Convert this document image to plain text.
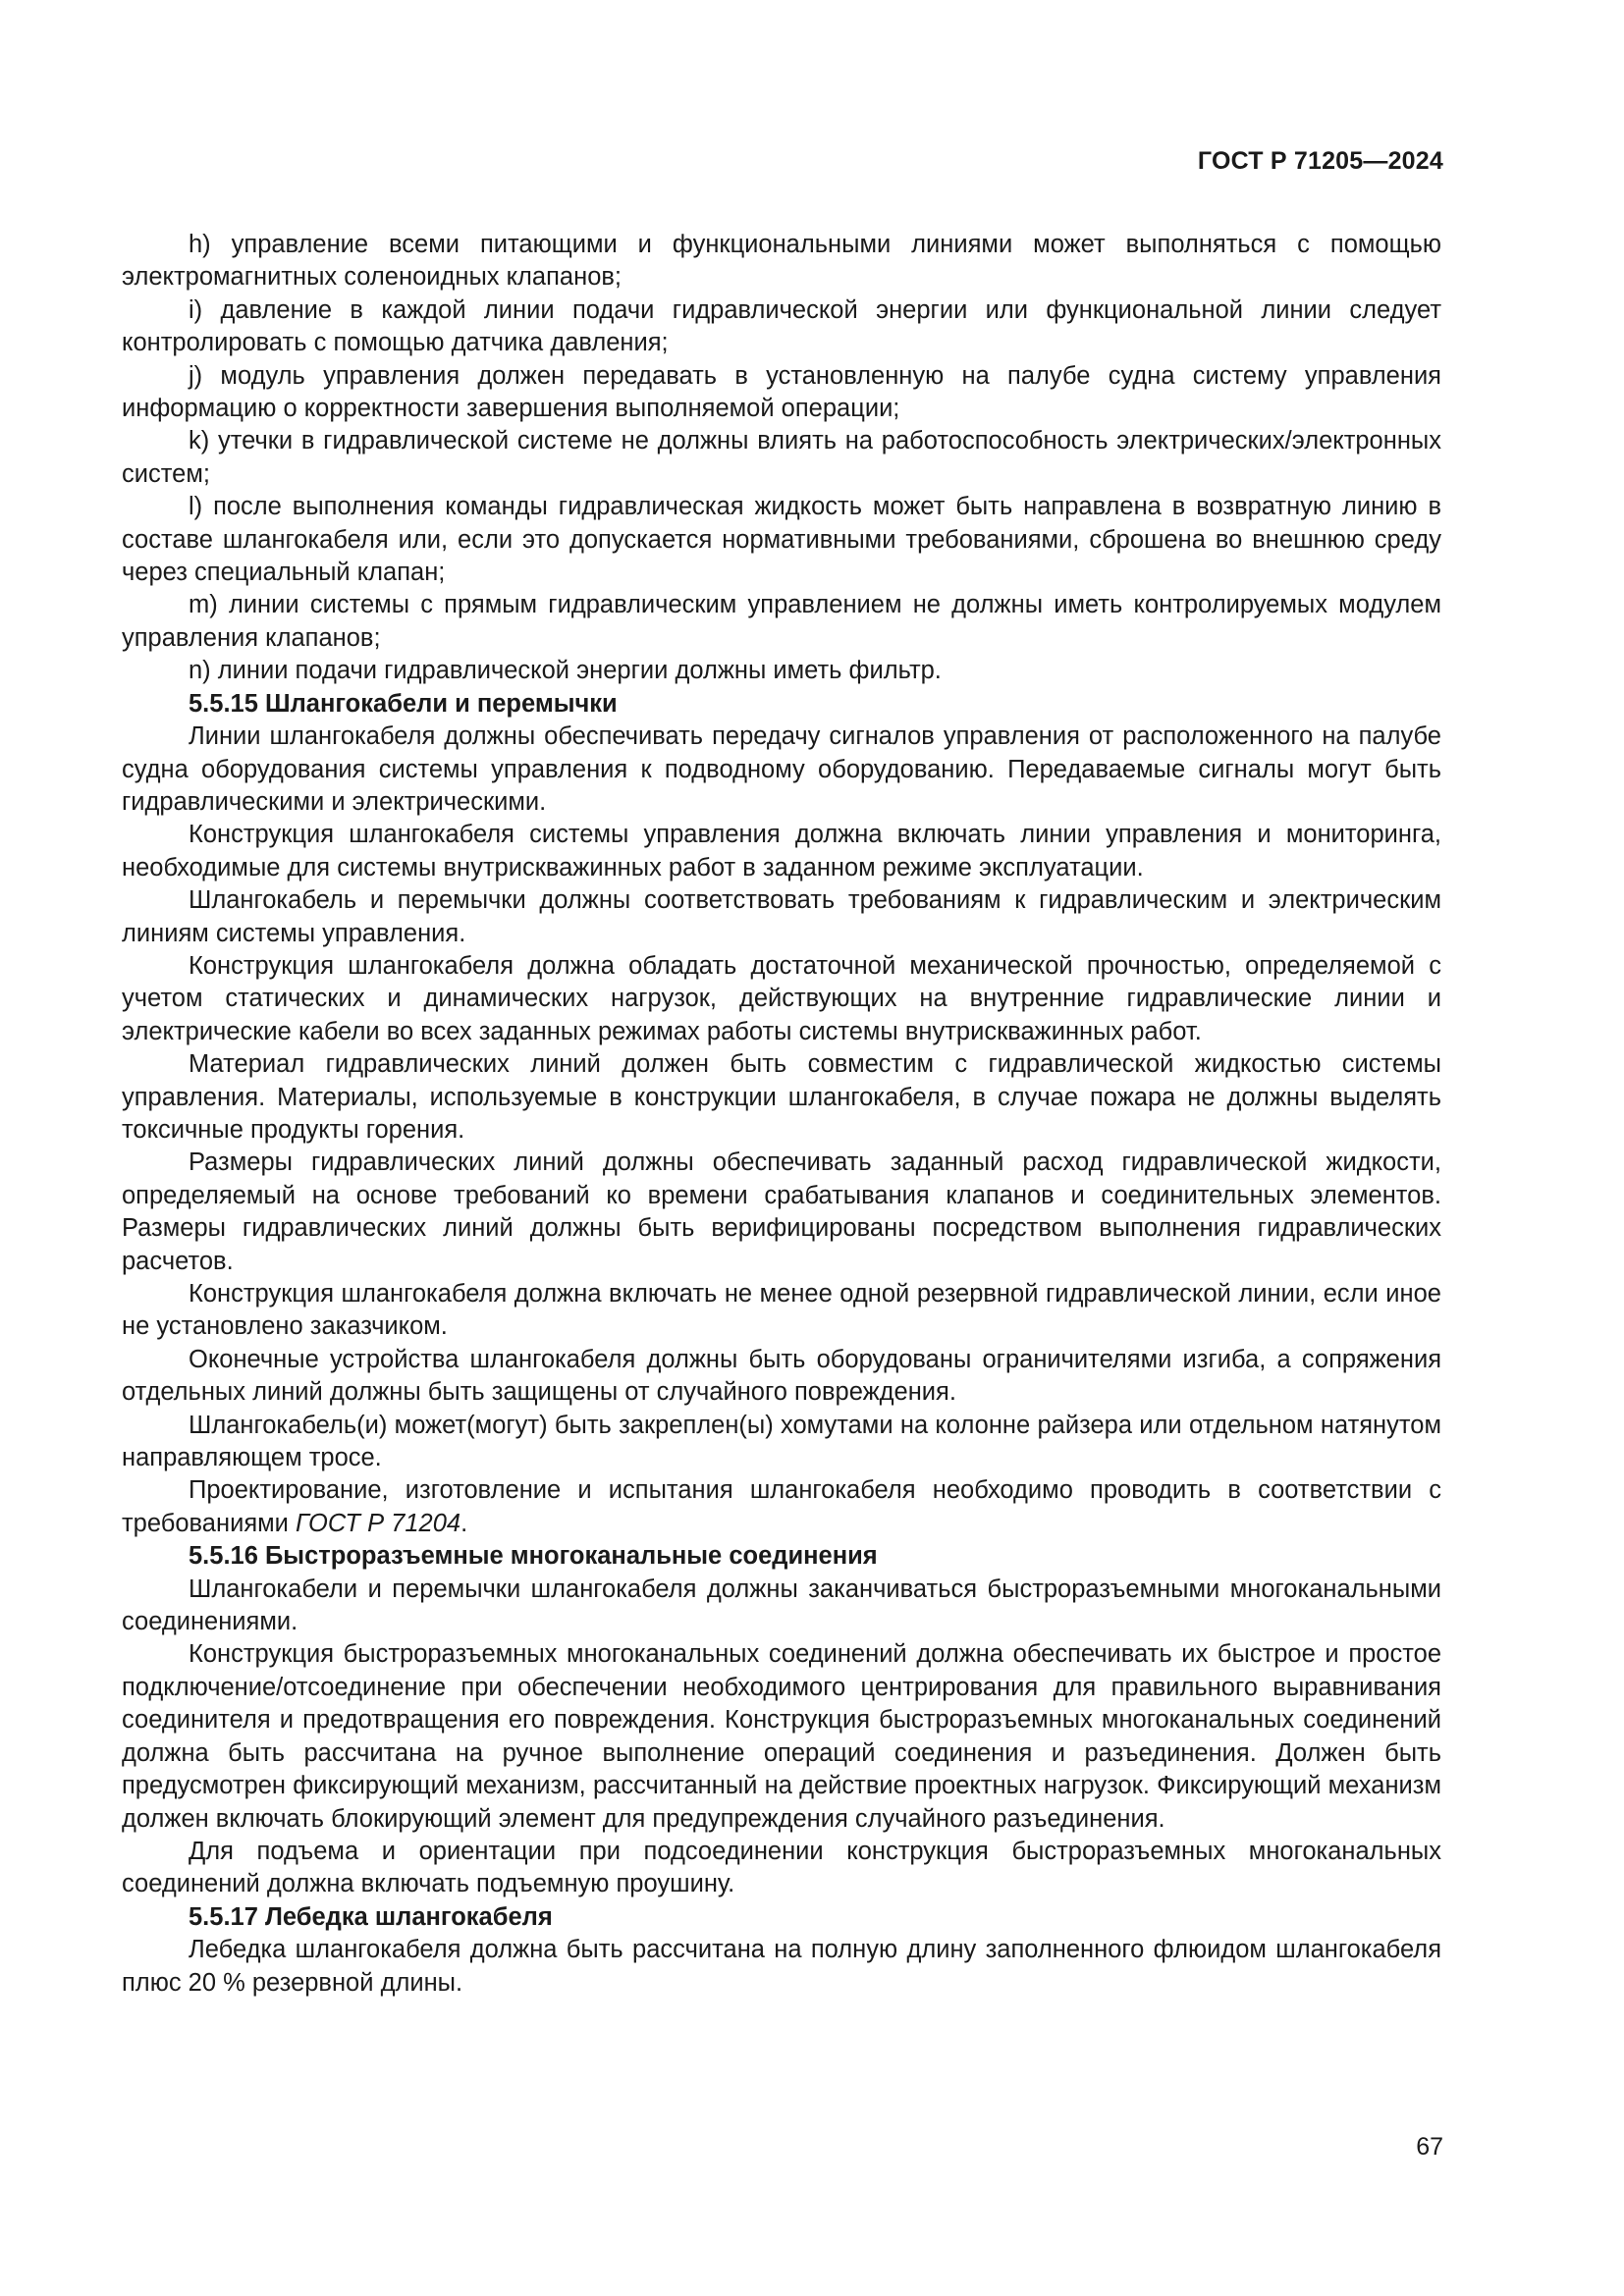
ГОСТ Р 71205—2024

h) управление всеми питающими и функциональными линиями может выполняться с помощью электромагнитных соленоидных клапанов;

i) давление в каждой линии подачи гидравлической энергии или функциональной линии следует контролировать с помощью датчика давления;

j) модуль управления должен передавать в установленную на палубе судна систему управления информацию о корректности завершения выполняемой операции;

k) утечки в гидравлической системе не должны влиять на работоспособность электрических/электронных систем;

l) после выполнения команды гидравлическая жидкость может быть направлена в возвратную линию в составе шлангокабеля или, если это допускается нормативными требованиями, сброшена во внешнюю среду через специальный клапан;

m) линии системы с прямым гидравлическим управлением не должны иметь контролируемых модулем управления клапанов;

n) линии подачи гидравлической энергии должны иметь фильтр.

5.5.15 Шлангокабели и перемычки

Линии шлангокабеля должны обеспечивать передачу сигналов управления от расположенного на палубе судна оборудования системы управления к подводному оборудованию. Передаваемые сигналы могут быть гидравлическими и электрическими.

Конструкция шлангокабеля системы управления должна включать линии управления и мониторинга, необходимые для системы внутрискважинных работ в заданном режиме эксплуатации.

Шлангокабель и перемычки должны соответствовать требованиям к гидравлическим и электрическим линиям системы управления.

Конструкция шлангокабеля должна обладать достаточной механической прочностью, определяемой с учетом статических и динамических нагрузок, действующих на внутренние гидравлические линии и электрические кабели во всех заданных режимах работы системы внутрискважинных работ.

Материал гидравлических линий должен быть совместим с гидравлической жидкостью системы управления. Материалы, используемые в конструкции шлангокабеля, в случае пожара не должны выделять токсичные продукты горения.

Размеры гидравлических линий должны обеспечивать заданный расход гидравлической жидкости, определяемый на основе требований ко времени срабатывания клапанов и соединительных элементов. Размеры гидравлических линий должны быть верифицированы посредством выполнения гидравлических расчетов.

Конструкция шлангокабеля должна включать не менее одной резервной гидравлической линии, если иное не установлено заказчиком.

Оконечные устройства шлангокабеля должны быть оборудованы ограничителями изгиба, а сопряжения отдельных линий должны быть защищены от случайного повреждения.

Шлангокабель(и) может(могут) быть закреплен(ы) хомутами на колонне райзера или отдельном натянутом направляющем тросе.

Проектирование, изготовление и испытания шлангокабеля необходимо проводить в соответствии с требованиями ГОСТ Р 71204.

5.5.16 Быстроразъемные многоканальные соединения

Шлангокабели и перемычки шлангокабеля должны заканчиваться быстроразъемными многоканальными соединениями.

Конструкция быстроразъемных многоканальных соединений должна обеспечивать их быстрое и простое подключение/отсоединение при обеспечении необходимого центрирования для правильного выравнивания соединителя и предотвращения его повреждения. Конструкция быстроразъемных многоканальных соединений должна быть рассчитана на ручное выполнение операций соединения и разъединения. Должен быть предусмотрен фиксирующий механизм, рассчитанный на действие проектных нагрузок. Фиксирующий механизм должен включать блокирующий элемент для предупреждения случайного разъединения.

Для подъема и ориентации при подсоединении конструкция быстроразъемных многоканальных соединений должна включать подъемную проушину.

5.5.17 Лебедка шлангокабеля

Лебедка шлангокабеля должна быть рассчитана на полную длину заполненного флюидом шлангокабеля плюс 20 % резервной длины.

67
